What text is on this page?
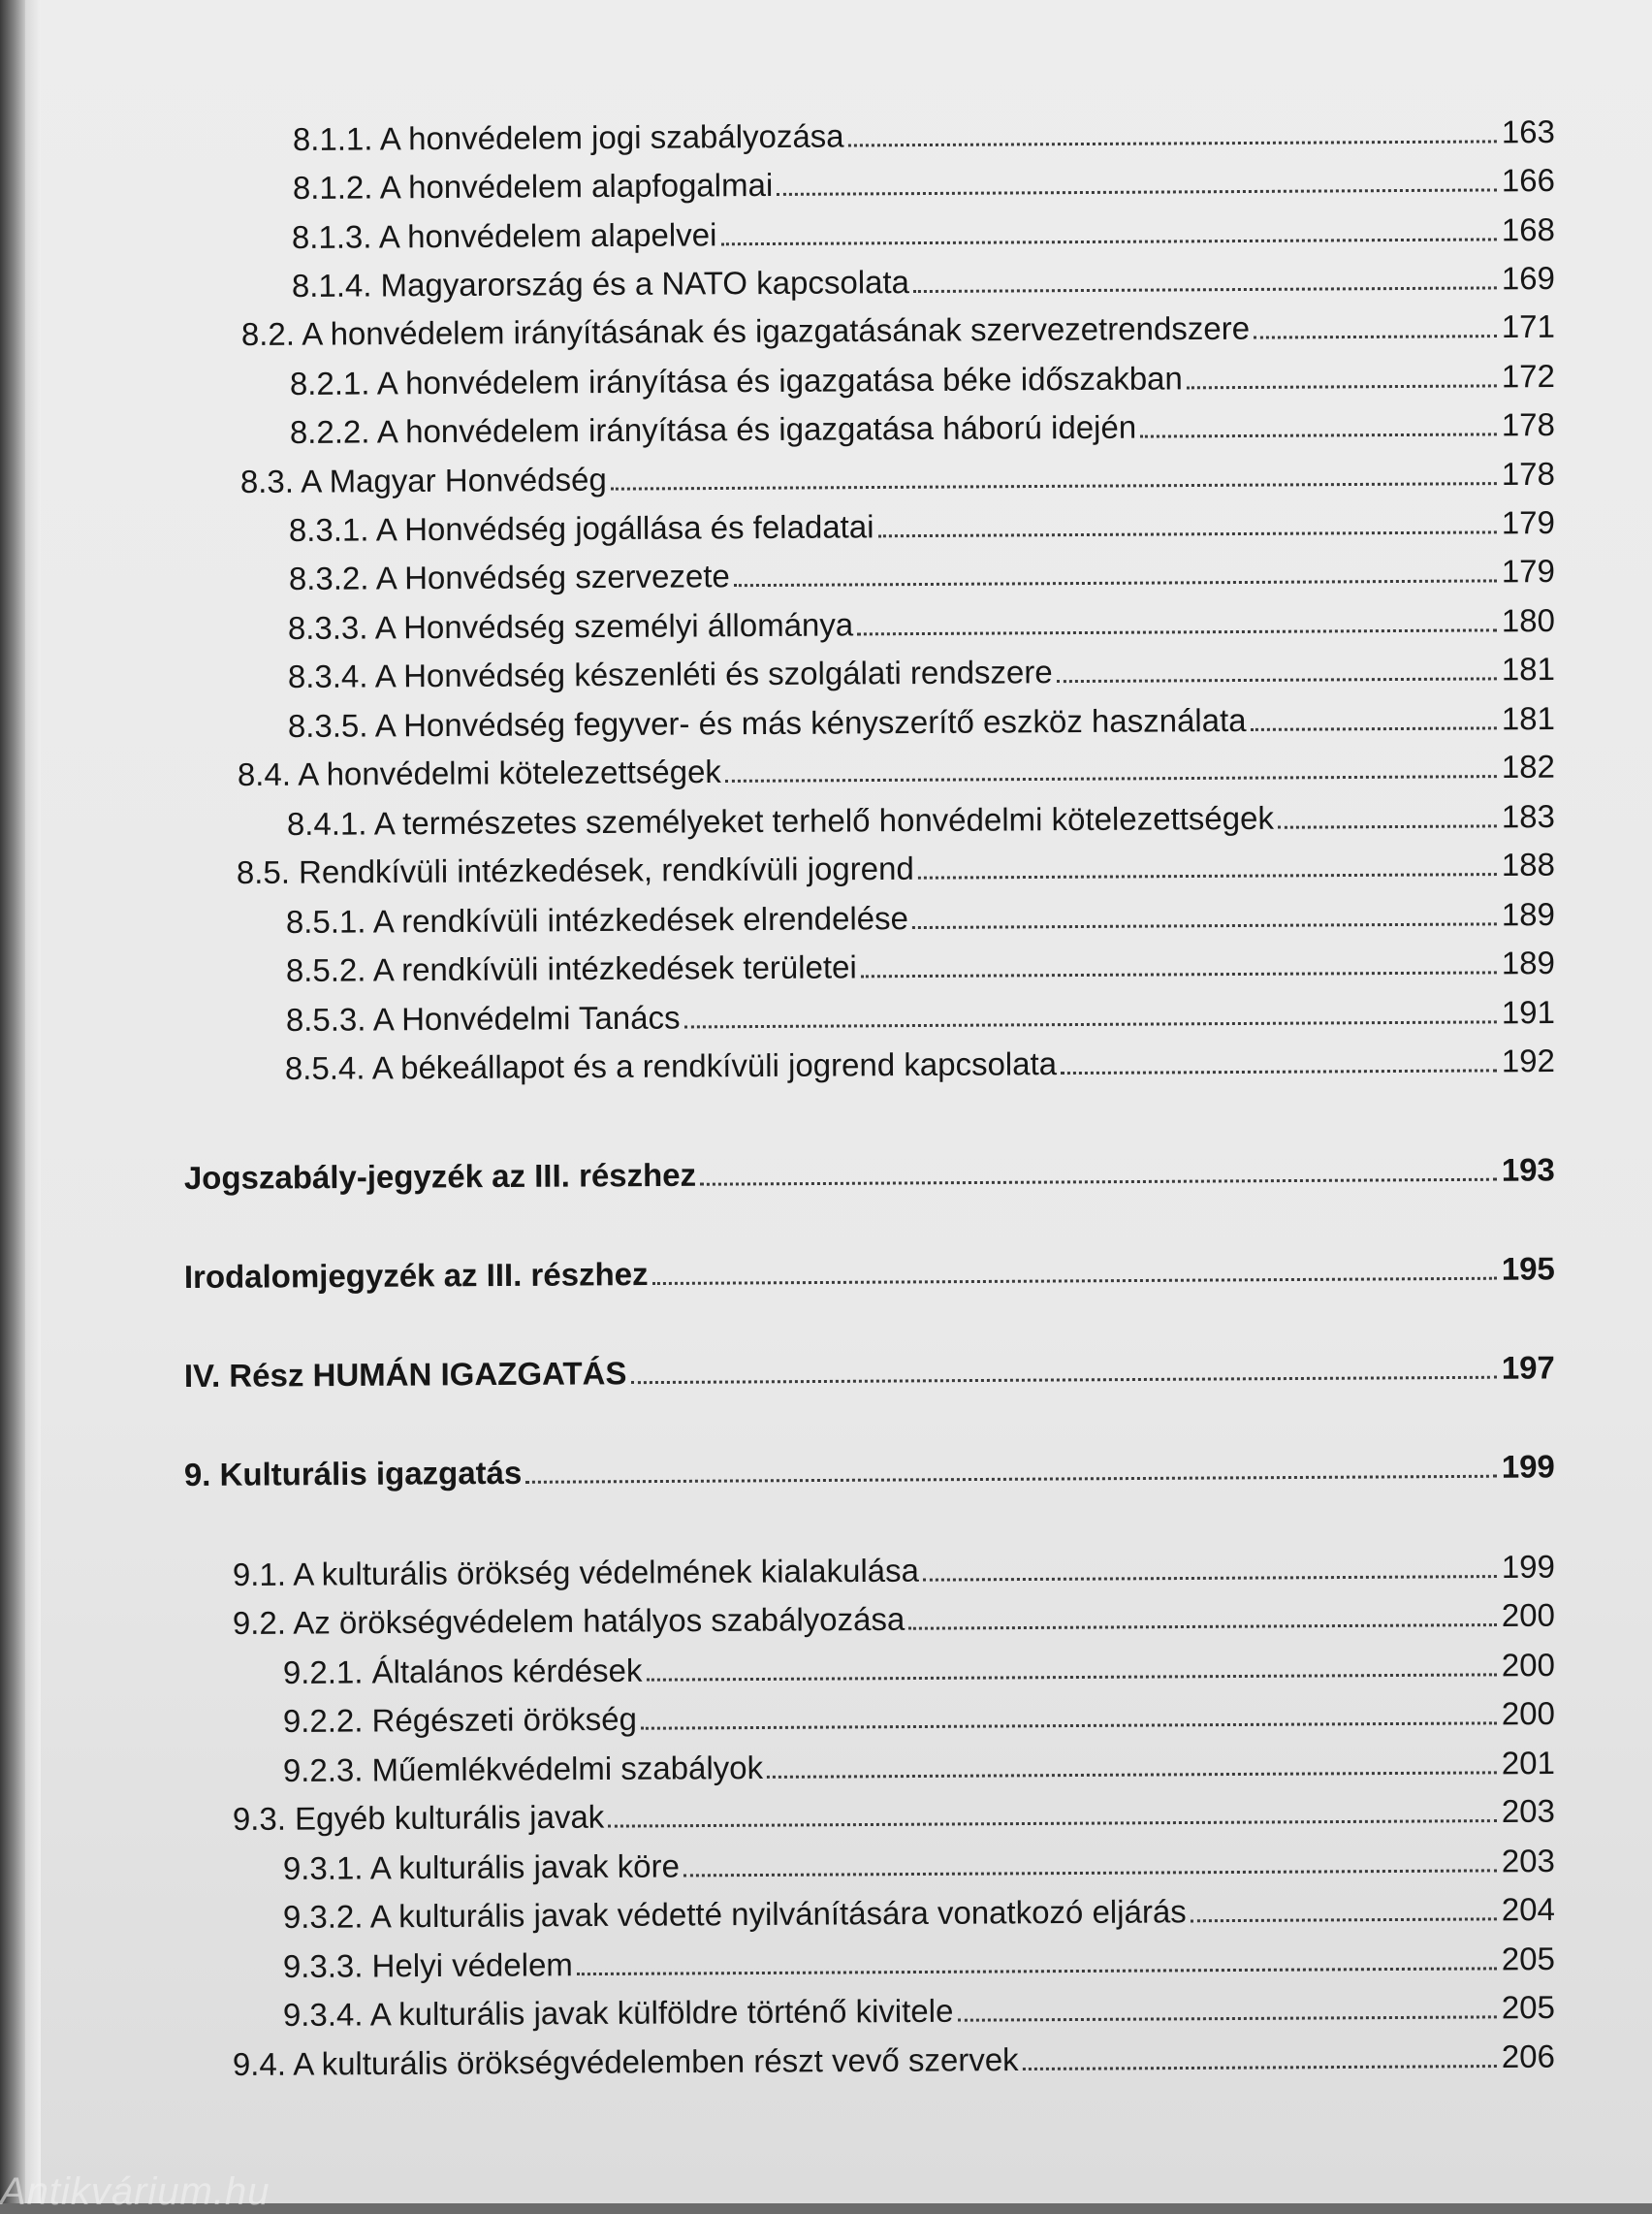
8.1.1. A honvédelem jogi szabályozása	163
8.1.2. A honvédelem alapfogalmai	166
8.1.3. A honvédelem alapelvei	168
8.1.4. Magyarország és a NATO kapcsolata	169
8.2. A honvédelem irányításának és igazgatásának szervezetrendszere	171
8.2.1. A honvédelem irányítása és igazgatása béke időszakban	172
8.2.2. A honvédelem irányítása és igazgatása háború idején	178
8.3. A Magyar Honvédség	178
8.3.1. A Honvédség jogállása és feladatai	179
8.3.2. A Honvédség szervezete	179
8.3.3. A Honvédség személyi állománya	180
8.3.4. A Honvédség készenléti és szolgálati rendszere	181
8.3.5. A Honvédség fegyver- és más kényszerítő eszköz használata	181
8.4. A honvédelmi kötelezettségek	182
8.4.1. A természetes személyeket terhelő honvédelmi kötelezettségek	183
8.5. Rendkívüli intézkedések, rendkívüli jogrend	188
8.5.1. A rendkívüli intézkedések elrendelése	189
8.5.2. A rendkívüli intézkedések területei	189
8.5.3. A Honvédelmi Tanács	191
8.5.4. A békeállapot és a rendkívüli jogrend kapcsolata	192
Jogszabály-jegyzék az III. részhez	193
Irodalomjegyzék az III. részhez	195
IV. Rész HUMÁN IGAZGATÁS	197
9. Kulturális igazgatás	199
9.1. A kulturális örökség védelmének kialakulása	199
9.2. Az örökségvédelem hatályos szabályozása	200
9.2.1. Általános kérdések	200
9.2.2. Régészeti örökség	200
9.2.3. Műemlékvédelmi szabályok	201
9.3. Egyéb kulturális javak	203
9.3.1. A kulturális javak köre	203
9.3.2. A kulturális javak védetté nyilvánítására vonatkozó eljárás	204
9.3.3. Helyi védelem	205
9.3.4. A kulturális javak külföldre történő kivitele	205
9.4. A kulturális örökségvédelemben részt vevő szervek	206
Antikvárium.hu
